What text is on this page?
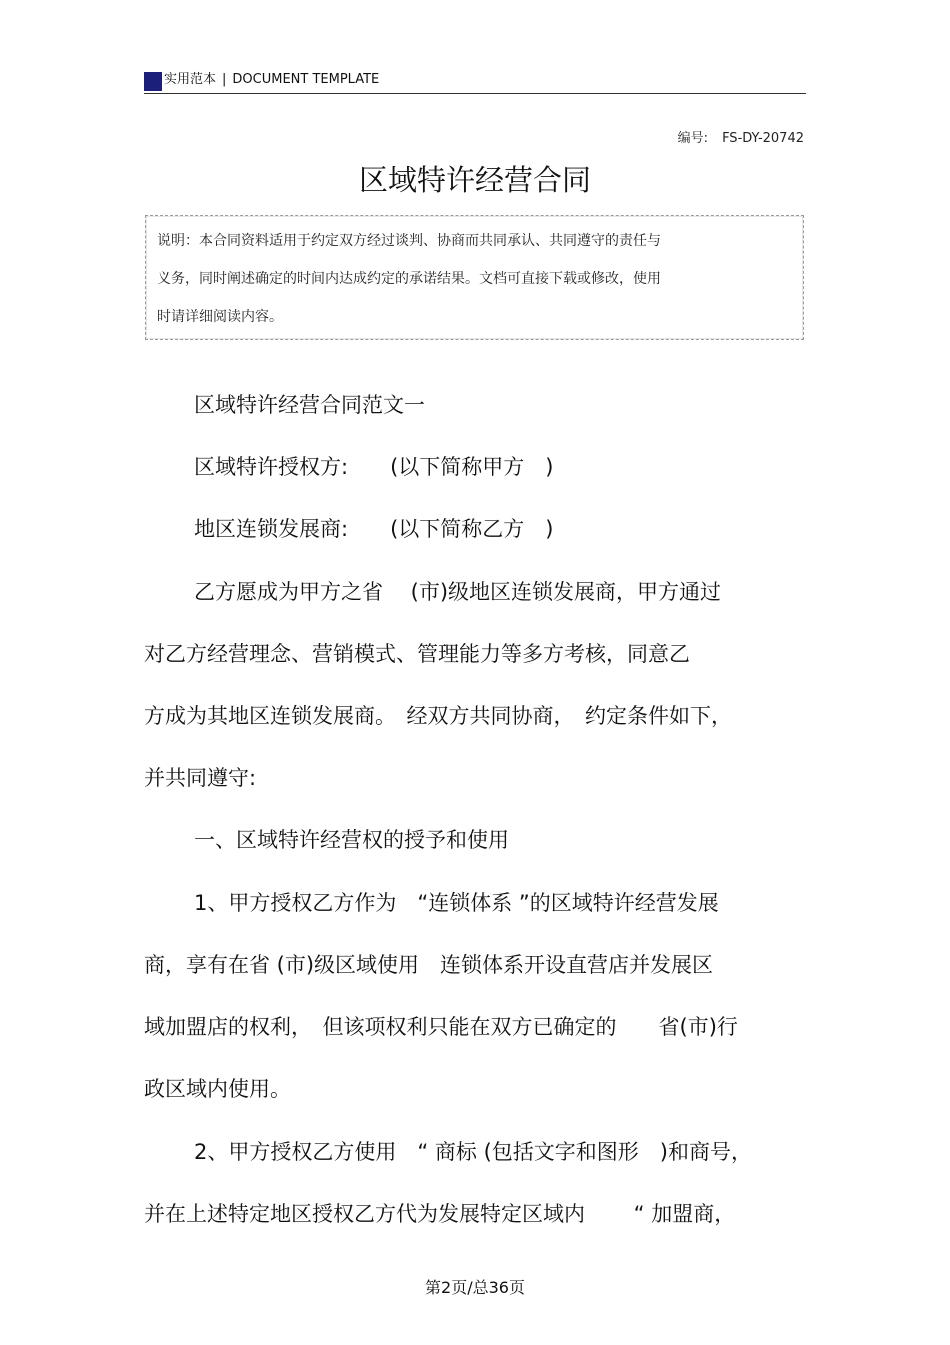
实用范本 | DOCUMENT TEMPLATE
编号: FS-DY-20742
区域特许经营合同

说明：本合同资料适用于约定双方经过谈判、协商而共同承认、共同遵守的责任与

义务，同时阐述确定的时间内达成约定的承诺结果。文档可直接下载或修改，使用

时请详细阅读内容。

区域特许经营合同范文一

区域特许授权方:　　(以下简称甲方　)

地区连锁发展商:　　(以下简称乙方　)

乙方愿成为甲方之省　 (市)级地区连锁发展商，甲方通过

对乙方经营理念、营销模式、管理能力等多方考核，同意乙

方成为其地区连锁发展商。　经双方共同协商，　约定条件如下，

并共同遵守:

一、区域特许经营权的授予和使用

1、甲方授权乙方作为　“连锁体系 ”的区域特许经营发展

商，享有在省 (市)级区域使用　连锁体系开设直营店并发展区

域加盟店的权利，　但该项权利只能在双方已确定的　　省(市)行

政区域内使用。

2、甲方授权乙方使用　“ 商标 (包括文字和图形　)和商号，

并在上述特定地区授权乙方代为发展特定区域内　　 “ 加盟商，

第2页/总36页
